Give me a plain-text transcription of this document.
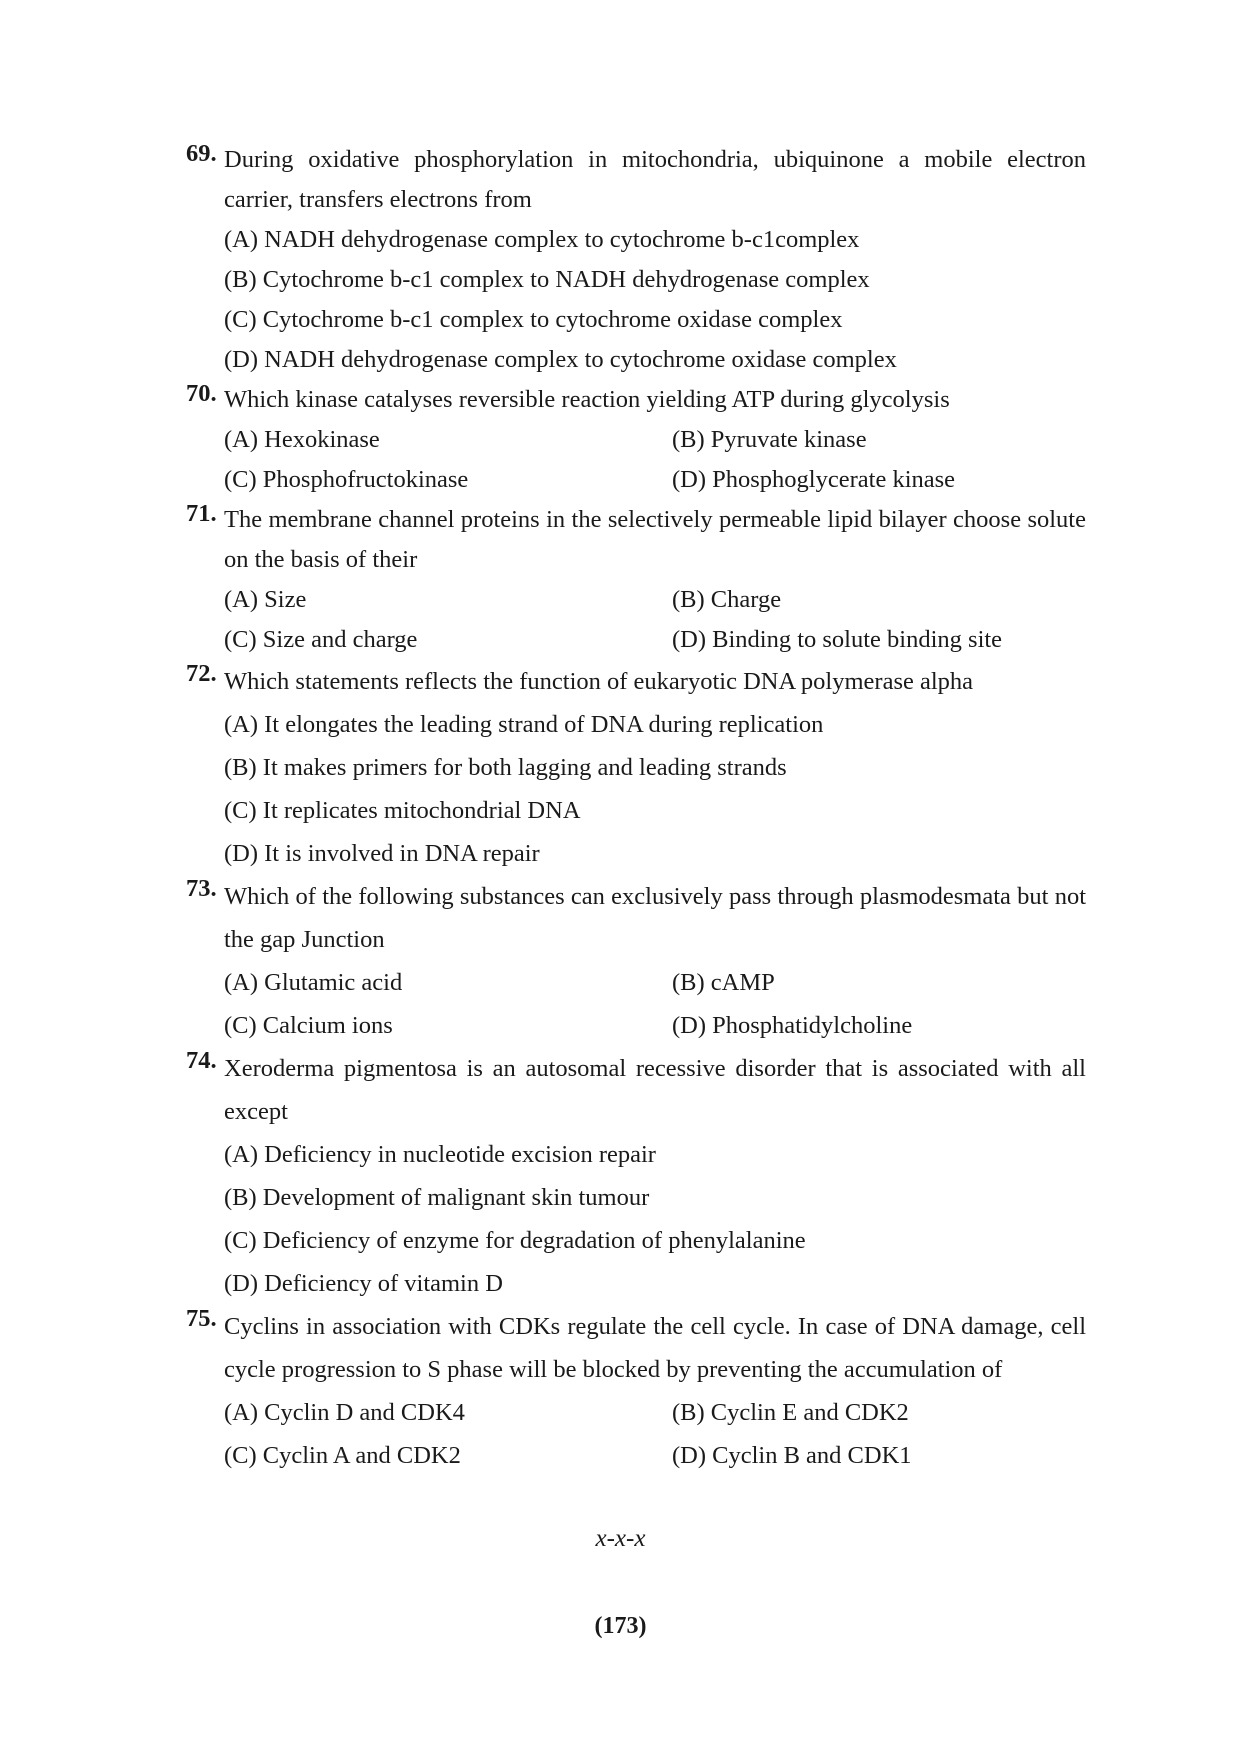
69. During oxidative phosphorylation in mitochondria, ubiquinone a mobile electron carrier, transfers electrons from
(A) NADH dehydrogenase complex to cytochrome b-c1complex
(B) Cytochrome b-c1 complex to NADH dehydrogenase complex
(C) Cytochrome b-c1 complex to cytochrome oxidase complex
(D) NADH dehydrogenase complex to cytochrome oxidase complex
70. Which kinase catalyses reversible reaction yielding ATP during glycolysis
(A) Hexokinase	(B) Pyruvate kinase
(C) Phosphofructokinase	(D) Phosphoglycerate kinase
71. The membrane channel proteins in the selectively permeable lipid bilayer choose solute on the basis of their
(A) Size	(B) Charge
(C) Size and charge	(D) Binding to solute binding site
72. Which statements reflects the function of eukaryotic DNA polymerase alpha
(A) It elongates the leading strand of DNA during replication
(B) It makes primers for both lagging and leading strands
(C) It replicates mitochondrial DNA
(D) It is involved in DNA repair
73. Which of the following substances can exclusively pass through plasmodesmata but not the gap Junction
(A) Glutamic acid	(B) cAMP
(C) Calcium ions	(D) Phosphatidylcholine
74. Xeroderma pigmentosa is an autosomal recessive disorder that is associated with all except
(A) Deficiency in nucleotide excision repair
(B) Development of malignant skin tumour
(C) Deficiency of enzyme for degradation of phenylalanine
(D) Deficiency of vitamin D
75. Cyclins in association with CDKs regulate the cell cycle. In case of DNA damage, cell cycle progression to S phase will be blocked by preventing the accumulation of
(A) Cyclin D and CDK4	(B) Cyclin E and CDK2
(C) Cyclin A and CDK2	(D) Cyclin B and CDK1
x-x-x
(173)
